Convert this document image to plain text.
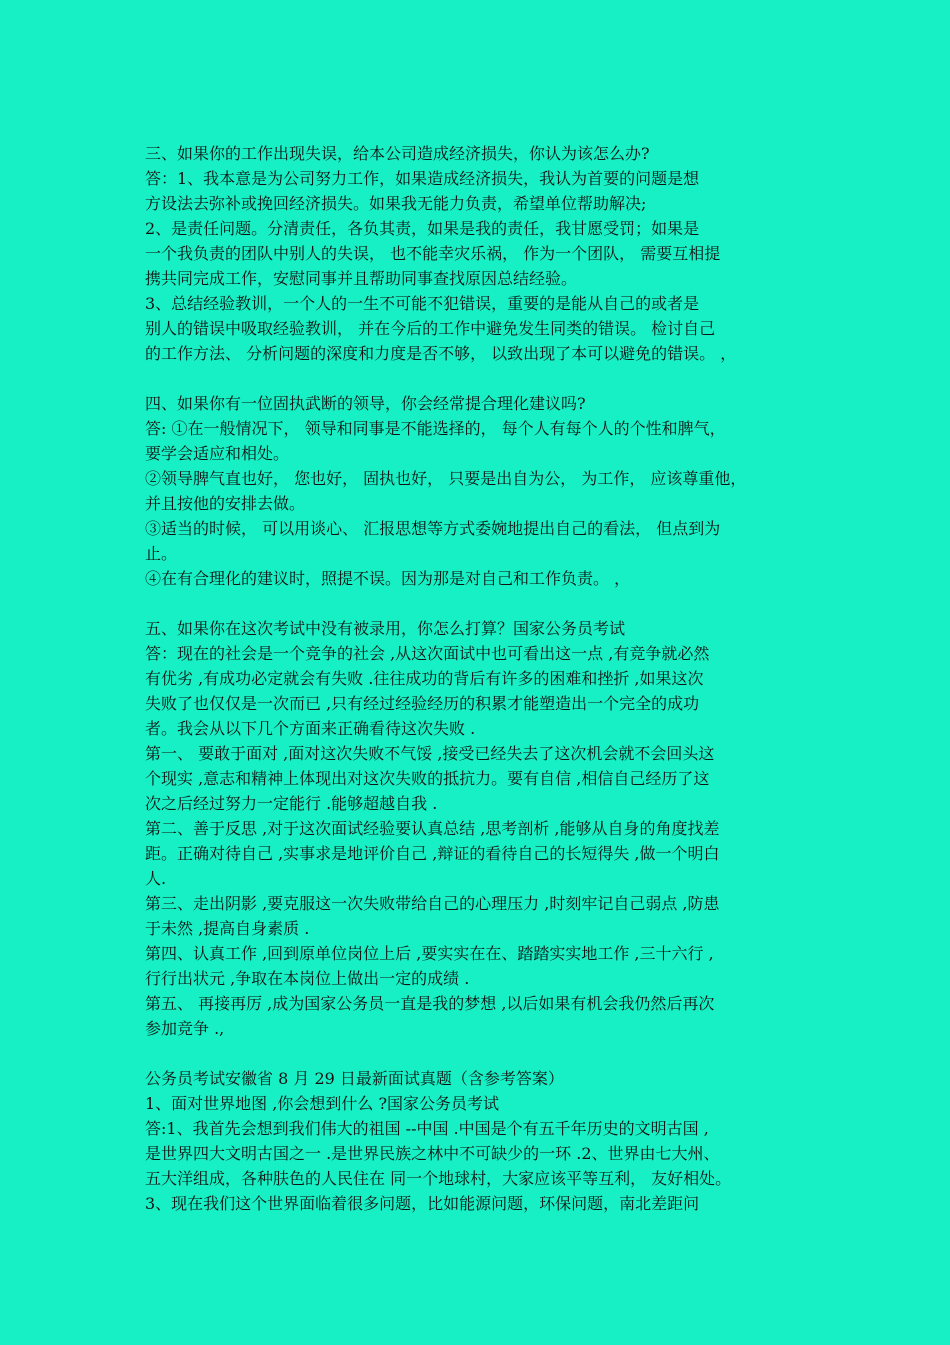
三、如果你的工作出现失误，给本公司造成经济损失，你认为该怎么办?
答：1、我本意是为公司努力工作，如果造成经济损失，我认为首要的问题是想
方设法去弥补或挽回经济损失。如果我无能力负责，希望单位帮助解决;
2、是责任问题。分清责任，各负其责，如果是我的责任，我甘愿受罚；如果是
一个我负责的团队中别人的失误， 也不能幸灾乐祸， 作为一个团队， 需要互相提
携共同完成工作，安慰同事并且帮助同事查找原因总结经验。
3、总结经验教训，一个人的一生不可能不犯错误，重要的是能从自己的或者是
别人的错误中吸取经验教训， 并在今后的工作中避免发生同类的错误。 检讨自己
的工作方法、 分析问题的深度和力度是否不够， 以致出现了本可以避免的错误。 ，
四、如果你有一位固执武断的领导，你会经常提合理化建议吗?
答: ①在一般情况下， 领导和同事是不能选择的， 每个人有每个人的个性和脾气，
要学会适应和相处。
②领导脾气直也好， 您也好， 固执也好， 只要是出自为公， 为工作， 应该尊重他，
并且按他的安排去做。
③适当的时候， 可以用谈心、 汇报思想等方式委婉地提出自己的看法， 但点到为
止。
④在有合理化的建议时，照提不误。因为那是对自己和工作负责。 ，
五、如果你在这次考试中没有被录用，你怎么打算？国家公务员考试
答：现在的社会是一个竞争的社会 ,从这次面试中也可看出这一点 ,有竞争就必然
有优劣 ,有成功必定就会有失败 .往往成功的背后有许多的困难和挫折 ,如果这次
失败了也仅仅是一次而已 ,只有经过经验经历的积累才能塑造出一个完全的成功
者。我会从以下几个方面来正确看待这次失败 .
第一、 要敢于面对 ,面对这次失败不气馁 ,接受已经失去了这次机会就不会回头这
个现实 ,意志和精神上体现出对这次失败的抵抗力。要有自信 ,相信自己经历了这
次之后经过努力一定能行 .能够超越自我 .
第二、善于反思 ,对于这次面试经验要认真总结 ,思考剖析 ,能够从自身的角度找差
距。正确对待自己 ,实事求是地评价自己 ,辩证的看待自己的长短得失 ,做一个明白
人.
第三、走出阴影 ,要克服这一次失败带给自己的心理压力 ,时刻牢记自己弱点 ,防患
于未然 ,提高自身素质 .
第四、认真工作 ,回到原单位岗位上后 ,要实实在在、踏踏实实地工作 ,三十六行 ,
行行出状元 ,争取在本岗位上做出一定的成绩 .
第五、 再接再厉 ,成为国家公务员一直是我的梦想 ,以后如果有机会我仍然后再次
参加竞争 .,
公务员考试安徽省 8 月 29 日最新面试真题（含参考答案）
1、面对世界地图 ,你会想到什么 ?国家公务员考试
答:1、我首先会想到我们伟大的祖国 --中国 .中国是个有五千年历史的文明古国 ,
是世界四大文明古国之一 .是世界民族之林中不可缺少的一环 .2、世界由七大州、
五大洋组成，各种肤色的人民住在 同一个地球村，大家应该平等互利， 友好相处。
3、现在我们这个世界面临着很多问题，比如能源问题，环保问题，南北差距问
